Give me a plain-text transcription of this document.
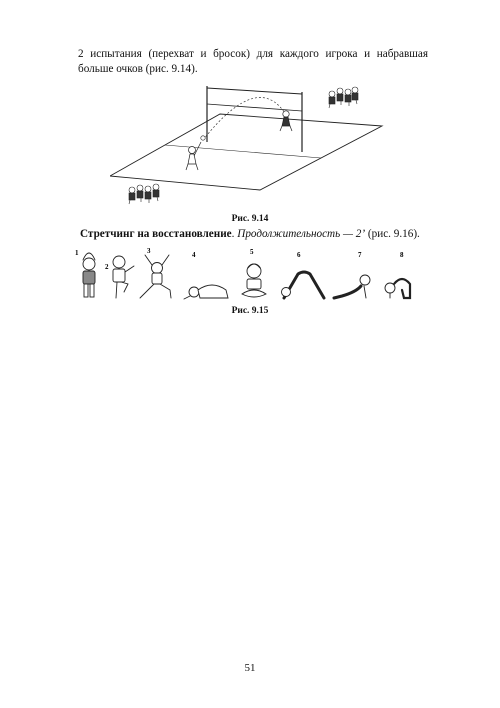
2 испытания (перехват и бросок) для каждого игрока и набравшая больше очков (рис. 9.14).

Рис. 9.14

Стретчинг на восстановление. Продолжительность — 2’ (рис. 9.16).

1
2
3	4	5	6	7	8

Рис. 9.15

51
